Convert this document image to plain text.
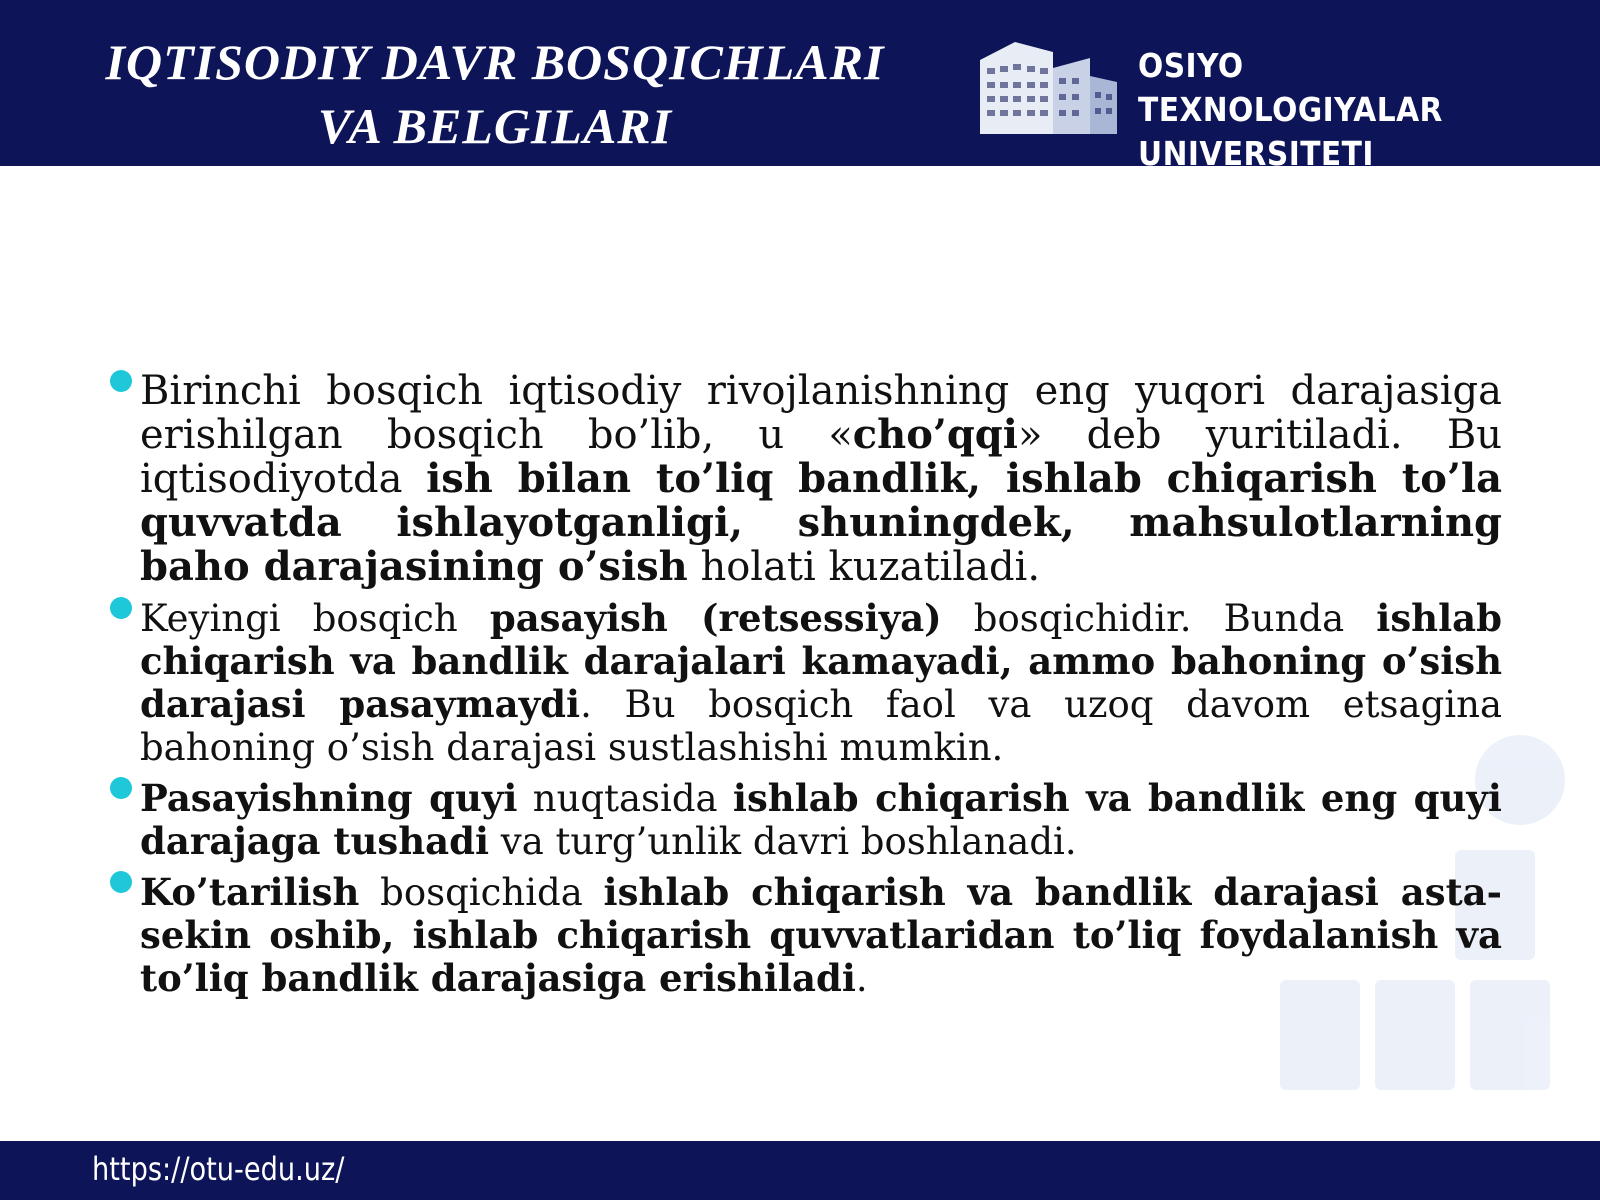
IQTISODIY DAVR BOSQICHLARI
VA BELGILARI
OSIYO TEXNOLOGIYALAR
UNIVERSITETI
Birinchi bosqich iqtisodiy rivojlanishning eng yuqori darajasiga erishilgan bosqich bo’lib, u «cho’qqi» deb yuritiladi. Bu iqtisodiyotda ish bilan to’liq bandlik, ishlab chiqarish to’la quvvatda ishlayotganligi, shuningdek, mahsulotlarning baho darajasining o’sish holati kuzatiladi.
Keyingi bosqich pasayish (retsessiya) bosqichidir. Bunda ishlab chiqarish va bandlik darajalari kamayadi, ammo bahoning o’sish darajasi pasaymaydi. Bu bosqich faol va uzoq davom etsagina bahoning o’sish darajasi sustlashishi mumkin.
Pasayishning quyi nuqtasida ishlab chiqarish va bandlik eng quyi darajaga tushadi va turg’unlik davri boshlanadi.
Ko’tarilish bosqichida ishlab chiqarish va bandlik darajasi asta-sekin oshib, ishlab chiqarish quvvatlaridan to’liq foydalanish va to’liq bandlik darajasiga erishiladi.
https://otu-edu.uz/
